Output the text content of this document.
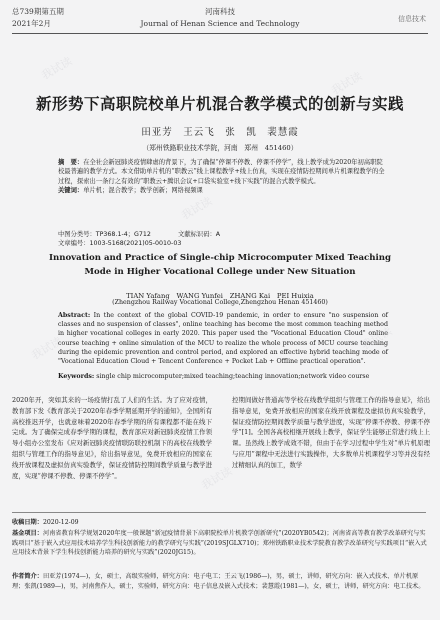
总739期第五期
2021年2月
河南科技
Journal of Henan Science and Technology	信息技术
新形势下高职院校单片机混合教学模式的创新与实践
田亚芳　王云飞　张　凯　裴慧霞
（郑州铁路职业技术学院，河南　郑州　451460）
摘　要：在全社会新冠肺炎疫情肆虐的背景下，为了确保“停课不停教、停课不停学”，线上教学成为2020年初高职院校最普遍的教学方式。本文借助单片机的“职教云”线上课程教学+线上仿真，实现在疫情防控期间单片机课程教学的全过程，探索出一条行之有效的“职教云+腾讯会议+口袋实验室+线下实践”的混合式教学模式。
关键词：单片机；混合教学；教学创新；网络视频课
中图分类号：TP368.1-4；G712	文献标识码：A 文章编号：1003-5168(2021)05-0010-03
Innovation and Practice of Single-chip Microcomputer Mixed Teaching
Mode in Higher Vocational College under New Situation
TIAN Yafang　WANG Yunfei　ZHANG Kai　PEI Huixia
(Zhengzhou Railway Vocational College,Zhengzhou Henan 451460)
Abstract: In the context of the global COVID-19 pandemic, in order to ensure "no suspension of classes and no suspension of classes", online teaching has become the most common teaching method in higher vocational colleges in early 2020. This paper used the "Vocational Education Cloud" online course teaching + online simulation of the MCU to realize the whole process of MCU course teaching during the epidemic prevention and control period, and explored an effective hybrid teaching mode of "Vocational Education Cloud + Tencent Conference + Pocket Lab + Offline practical operation".
Keywords: single chip microcomputer;mixed teaching;teaching innovation;network video course
2020年开，突如其来的一场疫情打乱了人们的生活。为了应对疫情，教育部下发《教育部关于2020年春季学期延期开学的通知》，全国所有高校推迟开学，也就意味着2020年春季学期的所有课程都不能在线下完成。为了确保完成春季学期的课程，教育部应对新冠肺炎疫情工作领导小组办公室发布《应对新冠肺炎疫情联防联控机制下的高校在线教学组织与管理工作的指导意见》，给出指导意见，免费开放相应的国家在线开放课程及虚拟仿真实验教学，保证疫情防控期间教学质量与教学进度，实现“停课不停教、停课不停学”。
控期间做好普通高等学校在线教学组织与管理工作的指导意见》，给出指导意见，免费开放相应的国家在线开放课程及虚拟仿真实验教学，保证疫情防控期间教学质量与教学进度，实现“停课不停教、停课不停学”[1]。全国各高校相继开展线上教学，保证学生能够正常进行线上上课。虽然线上教学成效不错，但由于在学习过程中学生对“单片机原理与应用”课程中无法进行实践操作，大多数单片机课程学习等并没有经过精细认真的加工，数学
收稿日期：2020-12-09
基金项目：河南省教育科学规划2020年度一般课题“新冠疫情背景下高职院校单片机教学创新研究”(2020YB0542)；河南省高等教育教学改革研究与实践项目“基于嵌入式应用技术培养学生科技创新能力的教学研究与实践”(2019SJGLX710)；郑州铁路职业技术学院教育教学改革研究与实践项目“嵌入式应用技术背景下学生科技创新能力培养的研究与实践”(2020JG15)。
作者简介：田亚芳(1974—)，女，硕士，高级实验师，研究方向：电子电工；王云飞(1986—)，男，硕士，讲师，研究方向：嵌入式技术、单片机原理；张凯(1989—)，男，河南焦作人，硕士，实验师，研究方向：电子信息及嵌入式技术；裴慧霞(1981—)，女，硕士，讲师，研究方向：电工技术。
我试读
我试读
我试读
我试读	我试读
我试读
